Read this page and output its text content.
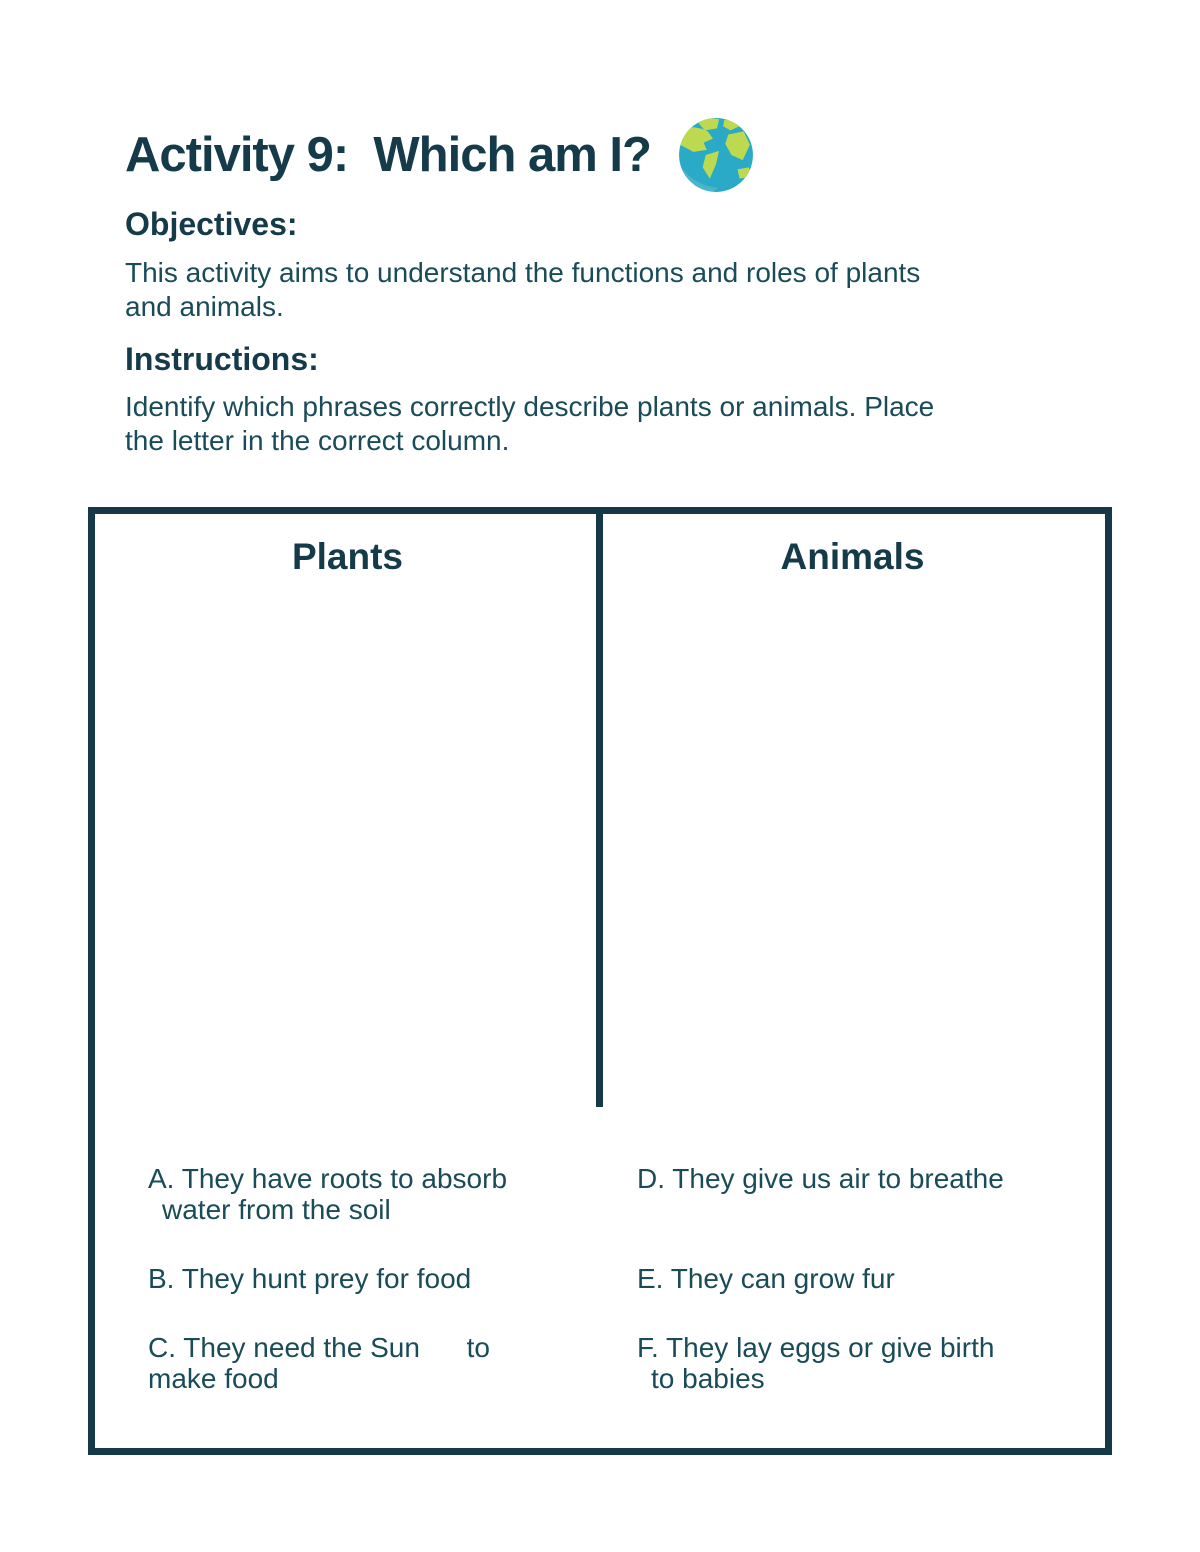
Activity 9:  Which am I?
Objectives:
This activity aims to understand the functions and roles of plants
and animals.
Instructions:
Identify which phrases correctly describe plants or animals. Place
the letter in the correct column.
Plants	Animals
A. They have roots to absorb
water from the soil
B. They hunt prey for food
C. They need the Sun      to
make food
D. They give us air to breathe
E. They can grow fur
F. They lay eggs or give birth
to babies
